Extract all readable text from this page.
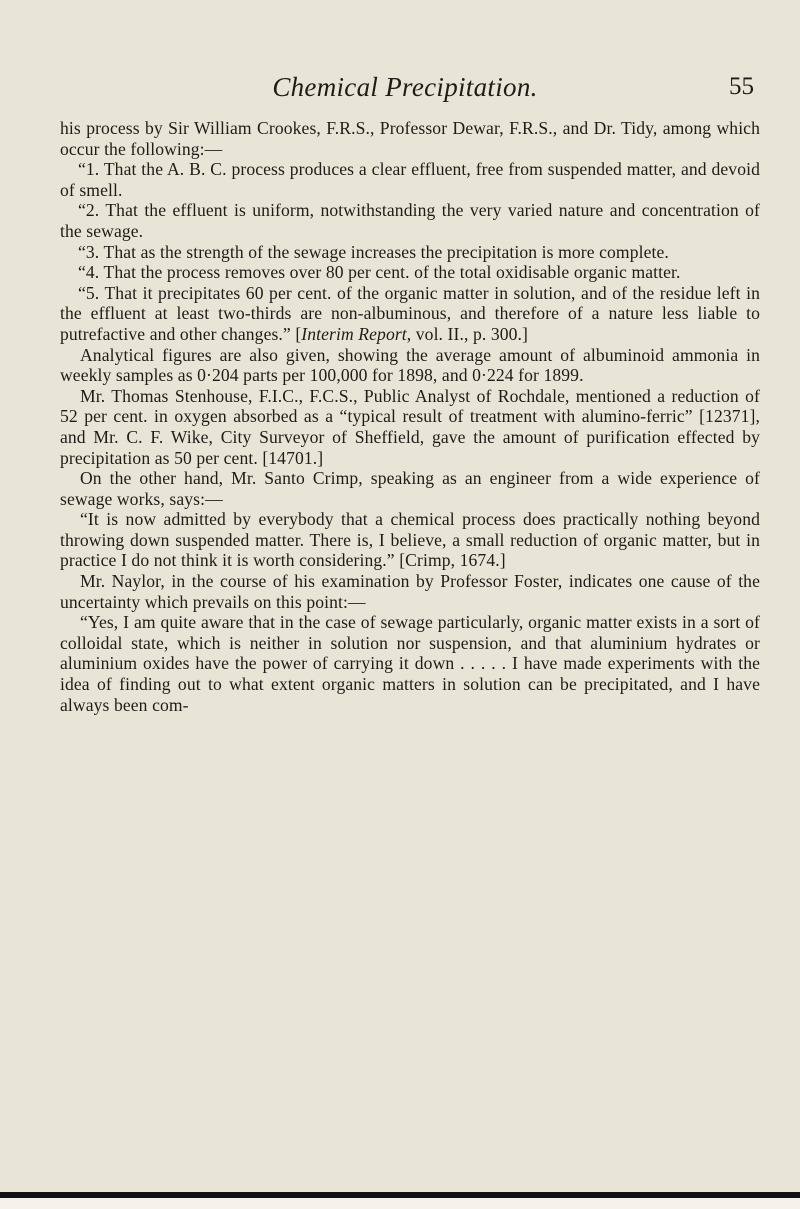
Chemical Precipitation.	55

his process by Sir William Crookes, F.R.S., Professor Dewar, F.R.S., and Dr. Tidy, among which occur the following:—

“1. That the A. B. C. process produces a clear effluent, free from suspended matter, and devoid of smell.

“2. That the effluent is uniform, notwithstanding the very varied nature and concentration of the sewage.

“3. That as the strength of the sewage increases the precipitation is more complete.

“4. That the process removes over 80 per cent. of the total oxidisable organic matter.

“5. That it precipitates 60 per cent. of the organic matter in solution, and of the residue left in the effluent at least two-thirds are non-albuminous, and therefore of a nature less liable to putrefactive and other changes.” [Interim Report, vol. II., p. 300.]

Analytical figures are also given, showing the average amount of albuminoid ammonia in weekly samples as 0·204 parts per 100,000 for 1898, and 0·224 for 1899.

Mr. Thomas Stenhouse, F.I.C., F.C.S., Public Analyst of Rochdale, mentioned a reduction of 52 per cent. in oxygen absorbed as a “typical result of treatment with alumino-ferric” [12371], and Mr. C. F. Wike, City Surveyor of Sheffield, gave the amount of purification effected by precipitation as 50 per cent. [14701.]

On the other hand, Mr. Santo Crimp, speaking as an engineer from a wide experience of sewage works, says:—

“It is now admitted by everybody that a chemical process does practically nothing beyond throwing down suspended matter. There is, I believe, a small reduction of organic matter, but in practice I do not think it is worth considering.” [Crimp, 1674.]

Mr. Naylor, in the course of his examination by Professor Foster, indicates one cause of the uncertainty which prevails on this point:—

“Yes, I am quite aware that in the case of sewage particularly, organic matter exists in a sort of colloidal state, which is neither in solution nor suspension, and that aluminium hydrates or aluminium oxides have the power of carrying it down . . . . . I have made experiments with the idea of finding out to what extent organic matters in solution can be precipitated, and I have always been com-
